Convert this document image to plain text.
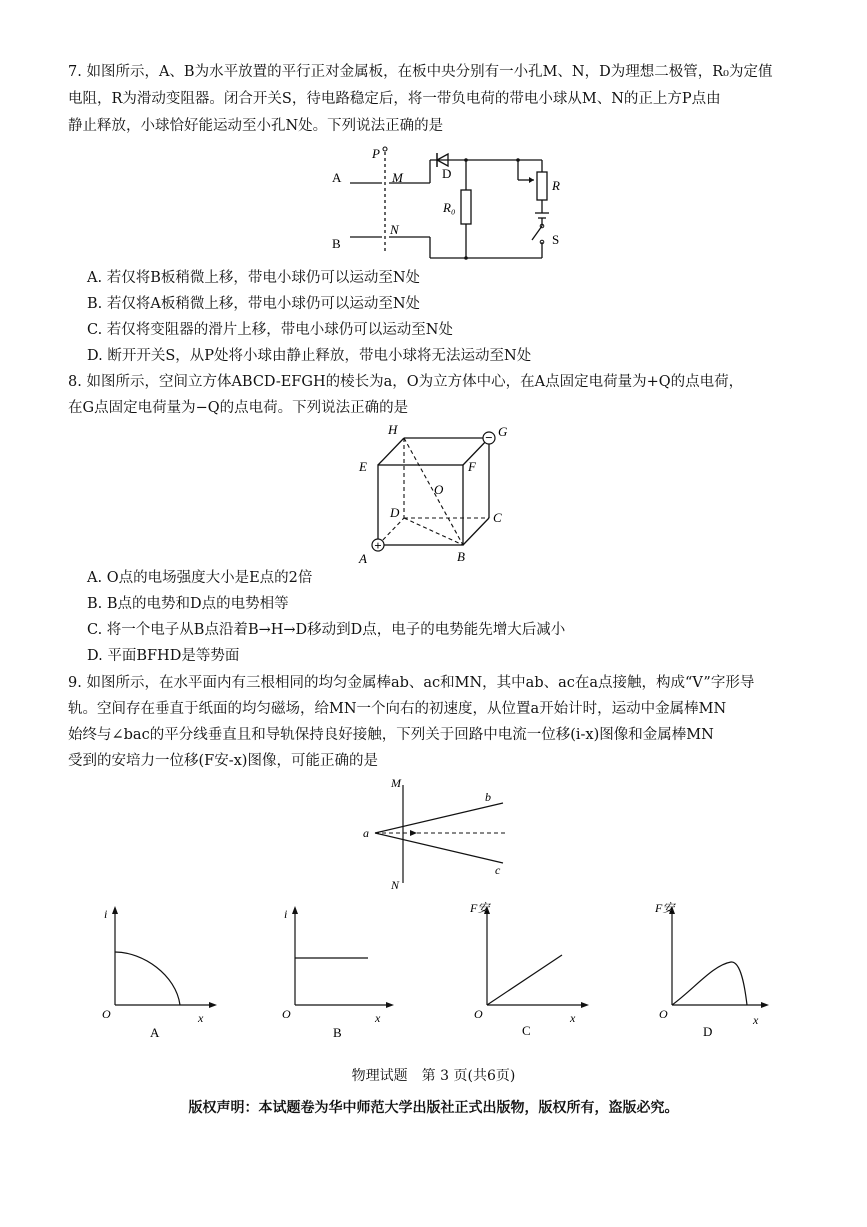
7. 如图所示，A、B为水平放置的平行正对金属板，在板中央分别有一小孔M、N，D为理想二极管，R₀为定值
电阻，R为滑动变阻器。闭合开关S，待电路稳定后，将一带负电荷的带电小球从M、N的正上方P点由
静止释放，小球恰好能运动至小孔N处。下列说法正确的是
P
A	M	D
R
R₀
B
N
S
A. 若仅将B板稍微上移，带电小球仍可以运动至N处
B. 若仅将A板稍微上移，带电小球仍可以运动至N处
C. 若仅将变阻器的滑片上移，带电小球仍可以运动至N处
D. 断开开关S，从P处将小球由静止释放，带电小球将无法运动至N处
8. 如图所示，空间立方体ABCD-EFGH的棱长为a，O为立方体中心，在A点固定电荷量为+Q的点电荷，
在G点固定电荷量为−Q的点电荷。下列说法正确的是
H	G
E	F
O
D	C
A	B
−
+
A. O点的电场强度大小是E点的2倍
B. B点的电势和D点的电势相等
C. 将一个电子从B点沿着B→H→D移动到D点，电子的电势能先增大后减小
D. 平面BFHD是等势面
9. 如图所示，在水平面内有三根相同的均匀金属棒ab、ac和MN，其中ab、ac在a点接触，构成“V”字形导
轨。空间存在垂直于纸面的均匀磁场，给MN一个向右的初速度，从位置a开始计时，运动中金属棒MN
始终与∠bac的平分线垂直且和导轨保持良好接触，下列关于回路中电流一位移(i-x)图像和金属棒MN
受到的安培力一位移(F安-x)图像，可能正确的是
M
N
a
b
c
i
O	x
A
i
O	x
B
F安
O	x
C
F安
O	x
D
物理试题　第 3 页(共6页)
版权声明：本试题卷为华中师范大学出版社正式出版物，版权所有，盗版必究。
